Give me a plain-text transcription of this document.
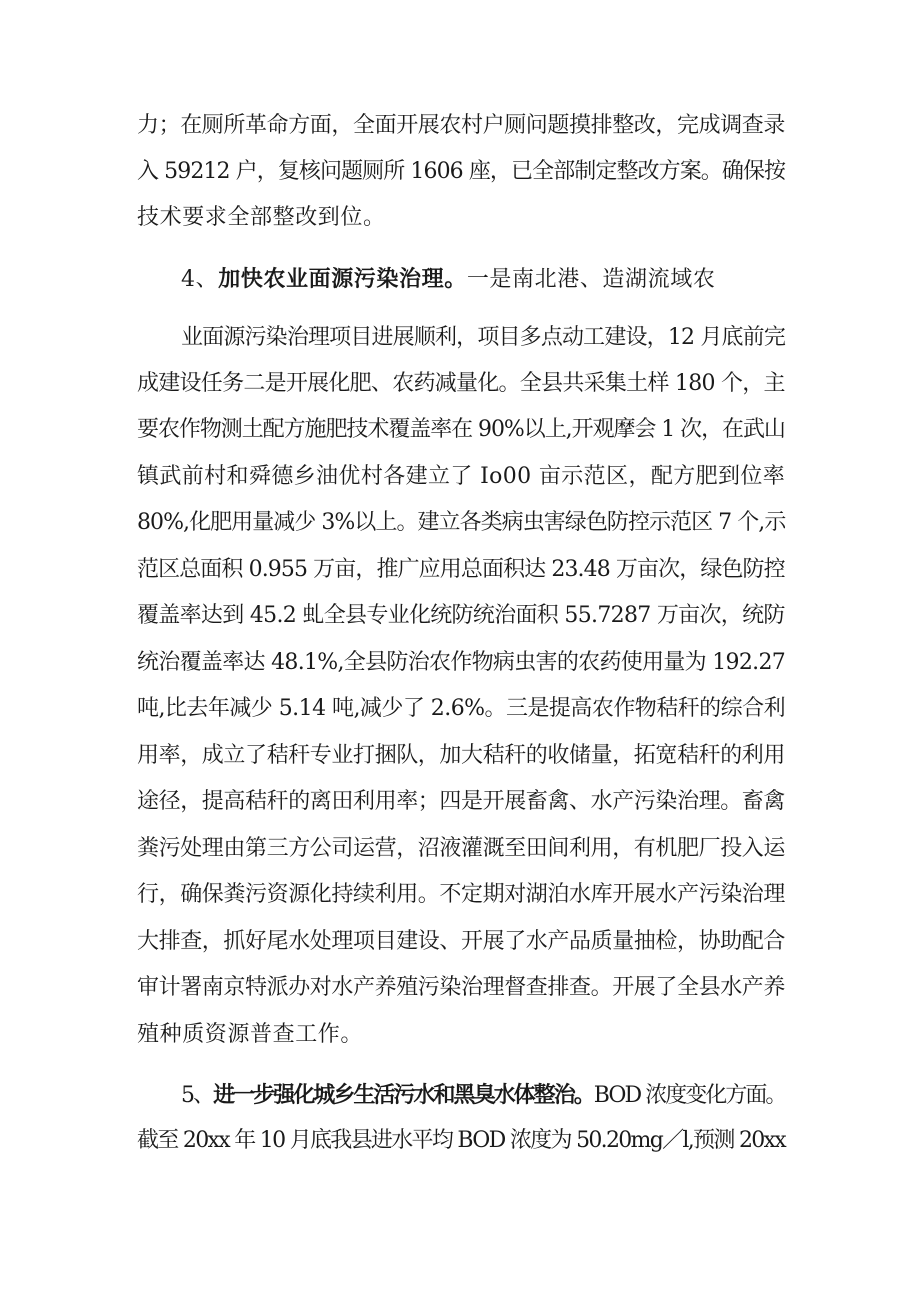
力；在厕所革命方面，全面开展农村户厕问题摸排整改，完成调查录
入 59212 户，复核问题厕所 1606 座，已全部制定整改方案。确保按
技术要求全部整改到位。
4、加快农业面源污染治理。一是南北港、造湖流域农
业面源污染治理项目进展顺利，项目多点动工建设，12 月底前完
成建设任务二是开展化肥、农药减量化。全县共采集土样 180 个，主
要农作物测土配方施肥技术覆盖率在 90%以上,开观摩会 1 次，在武山
镇武前村和舜德乡油优村各建立了 Io00 亩示范区，配方肥到位率
80%,化肥用量减少 3%以上。建立各类病虫害绿色防控示范区 7 个,示
范区总面积 0.955 万亩，推广应用总面积达 23.48 万亩次，绿色防控
覆盖率达到 45.2 虬全县专业化统防统治面积 55.7287 万亩次，统防
统治覆盖率达 48.1%,全县防治农作物病虫害的农药使用量为 192.27
吨,比去年减少 5.14 吨,减少了 2.6%。三是提高农作物秸秆的综合利
用率，成立了秸秆专业打捆队，加大秸秆的收储量，拓宽秸秆的利用
途径，提高秸秆的离田利用率；四是开展畜禽、水产污染治理。畜禽
粪污处理由第三方公司运营，沼液灌溉至田间利用，有机肥厂投入运
行，确保粪污资源化持续利用。不定期对湖泊水库开展水产污染治理
大排查，抓好尾水处理项目建设、开展了水产品质量抽检，协助配合
审计署南京特派办对水产养殖污染治理督查排查。开展了全县水产养
殖种质资源普查工作。
5、进一步强化城乡生活污水和黑臭水体整治。BOD 浓度变化方面。
截至 20xx 年 10 月底我县进水平均 BOD 浓度为 50.20mg／l,预测 20xx
